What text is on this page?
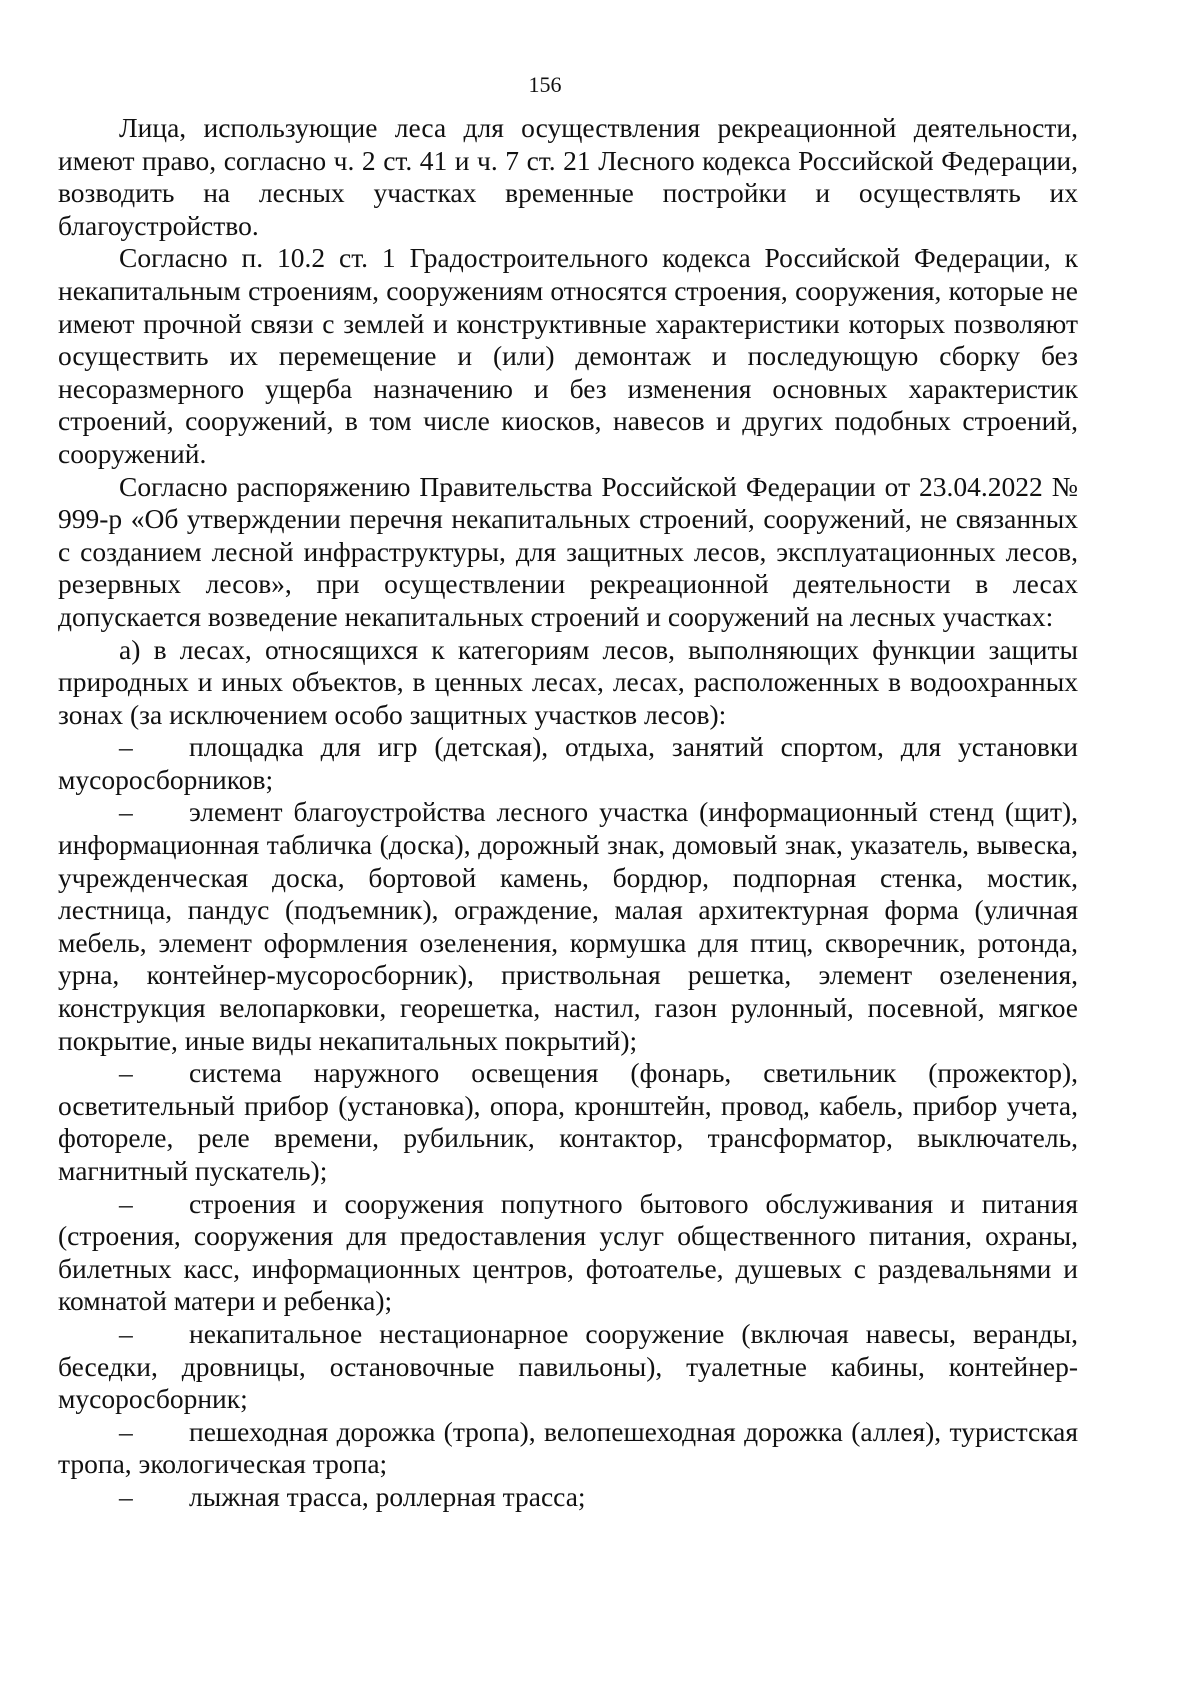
156

Лица, использующие леса для осуществления рекреационной деятельности, имеют право, согласно ч. 2 ст. 41 и ч. 7 ст. 21 Лесного кодекса Российской Федерации, возводить на лесных участках временные постройки и осуществлять их благоустройство.

Согласно п. 10.2 ст. 1 Градостроительного кодекса Российской Федерации, к некапитальным строениям, сооружениям относятся строения, сооружения, которые не имеют прочной связи с землей и конструктивные характеристики которых позволяют осуществить их перемещение и (или) демонтаж и последующую сборку без несоразмерного ущерба назначению и без изменения основных характеристик строений, сооружений, в том числе киосков, навесов и других подобных строений, сооружений.

Согласно распоряжению Правительства Российской Федерации от 23.04.2022 № 999-р «Об утверждении перечня некапитальных строений, сооружений, не связанных с созданием лесной инфраструктуры, для защитных лесов, эксплуатационных лесов, резервных лесов», при осуществлении рекреационной деятельности в лесах допускается возведение некапитальных строений и сооружений на лесных участках:

а) в лесах, относящихся к категориям лесов, выполняющих функции защиты природных и иных объектов, в ценных лесах, лесах, расположенных в водоохранных зонах (за исключением особо защитных участков лесов):

– площадка для игр (детская), отдыха, занятий спортом, для установки мусоросборников;

– элемент благоустройства лесного участка (информационный стенд (щит), информационная табличка (доска), дорожный знак, домовый знак, указатель, вывеска, учрежденческая доска, бортовой камень, бордюр, подпорная стенка, мостик, лестница, пандус (подъемник), ограждение, малая архитектурная форма (уличная мебель, элемент оформления озеленения, кормушка для птиц, скворечник, ротонда, урна, контейнер-мусоросборник), приствольная решетка, элемент озеленения, конструкция велопарковки, георешетка, настил, газон рулонный, посевной, мягкое покрытие, иные виды некапитальных покрытий);

– система наружного освещения (фонарь, светильник (прожектор), осветительный прибор (установка), опора, кронштейн, провод, кабель, прибор учета, фотореле, реле времени, рубильник, контактор, трансформатор, выключатель, магнитный пускатель);

– строения и сооружения попутного бытового обслуживания и питания (строения, сооружения для предоставления услуг общественного питания, охраны, билетных касс, информационных центров, фотоателье, душевых с раздевальнями и комнатой матери и ребенка);

– некапитальное нестационарное сооружение (включая навесы, веранды, беседки, дровницы, остановочные павильоны), туалетные кабины, контейнер-мусоросборник;

– пешеходная дорожка (тропа), велопешеходная дорожка (аллея), туристская тропа, экологическая тропа;

– лыжная трасса, роллерная трасса;
